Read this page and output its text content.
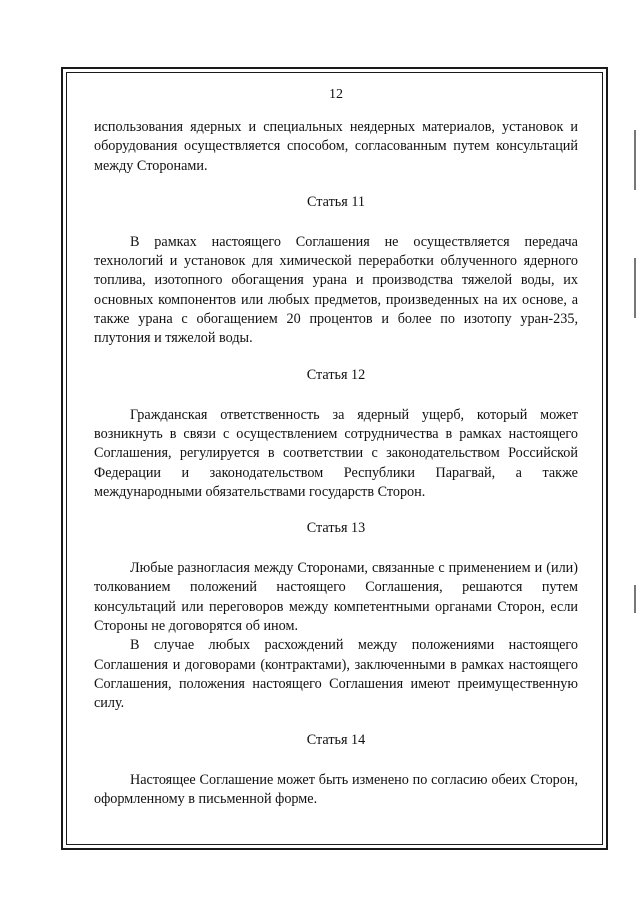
12

использования ядерных и специальных неядерных материалов, установок и оборудования осуществляется способом, согласованным путем консультаций между Сторонами.

Статья 11

В рамках настоящего Соглашения не осуществляется передача технологий и установок для химической переработки облученного ядерного топлива, изотопного обогащения урана и производства тяжелой воды, их основных компонентов или любых предметов, произведенных на их основе, а также урана с обогащением 20 процентов и более по изотопу уран-235, плутония и тяжелой воды.

Статья 12

Гражданская ответственность за ядерный ущерб, который может возникнуть в связи с осуществлением сотрудничества в рамках настоящего Соглашения, регулируется в соответствии с законодательством Российской Федерации и законодательством Республики Парагвай, а также международными обязательствами государств Сторон.

Статья 13

Любые разногласия между Сторонами, связанные с применением и (или) толкованием положений настоящего Соглашения, решаются путем консультаций или переговоров между компетентными органами Сторон, если Стороны не договорятся об ином.

В случае любых расхождений между положениями настоящего Соглашения и договорами (контрактами), заключенными в рамках настоящего Соглашения, положения настоящего Соглашения имеют преимущественную силу.

Статья 14

Настоящее Соглашение может быть изменено по согласию обеих Сторон, оформленному в письменной форме.
